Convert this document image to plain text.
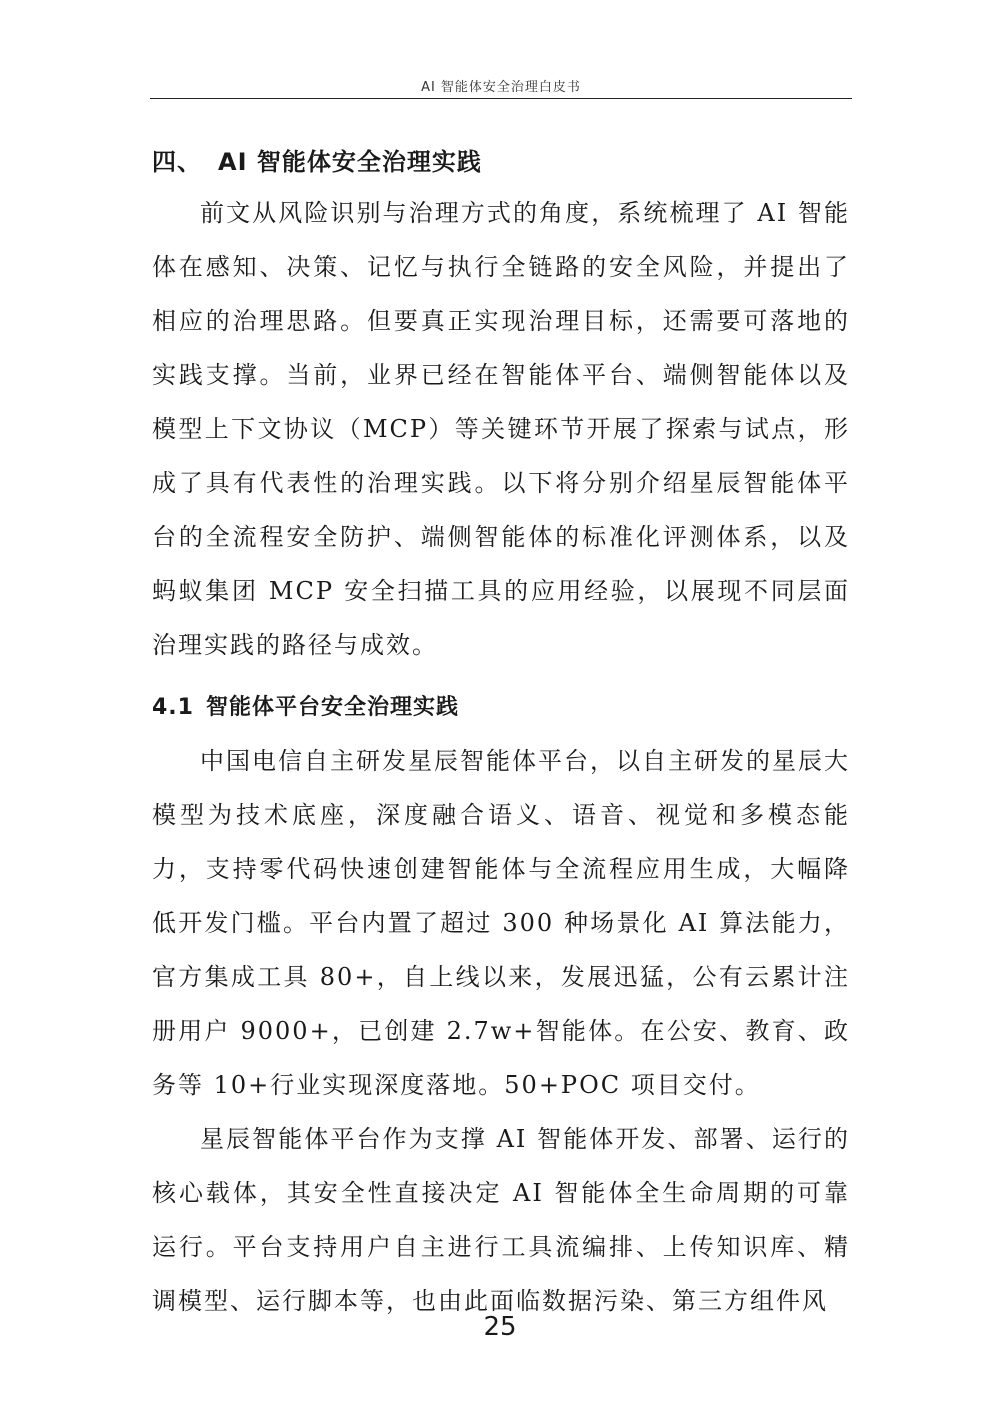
AI 智能体安全治理白皮书
四、 AI 智能体安全治理实践

前文从风险识别与治理方式的角度，系统梳理了 AI 智能体在感知、决策、记忆与执行全链路的安全风险，并提出了相应的治理思路。但要真正实现治理目标，还需要可落地的实践支撑。当前，业界已经在智能体平台、端侧智能体以及模型上下文协议（MCP）等关键环节开展了探索与试点，形成了具有代表性的治理实践。以下将分别介绍星辰智能体平台的全流程安全防护、端侧智能体的标准化评测体系，以及蚂蚁集团 MCP 安全扫描工具的应用经验，以展现不同层面治理实践的路径与成效。

4.1 智能体平台安全治理实践

中国电信自主研发星辰智能体平台，以自主研发的星辰大模型为技术底座，深度融合语义、语音、视觉和多模态能力，支持零代码快速创建智能体与全流程应用生成，大幅降低开发门槛。平台内置了超过 300 种场景化 AI 算法能力，官方集成工具 80+，自上线以来，发展迅猛，公有云累计注册用户 9000+，已创建 2.7w+智能体。在公安、教育、政务等 10+行业实现深度落地。50+POC 项目交付。

星辰智能体平台作为支撑 AI 智能体开发、部署、运行的核心载体，其安全性直接决定 AI 智能体全生命周期的可靠运行。平台支持用户自主进行工具流编排、上传知识库、精调模型、运行脚本等，也由此面临数据污染、第三方组件风

25
